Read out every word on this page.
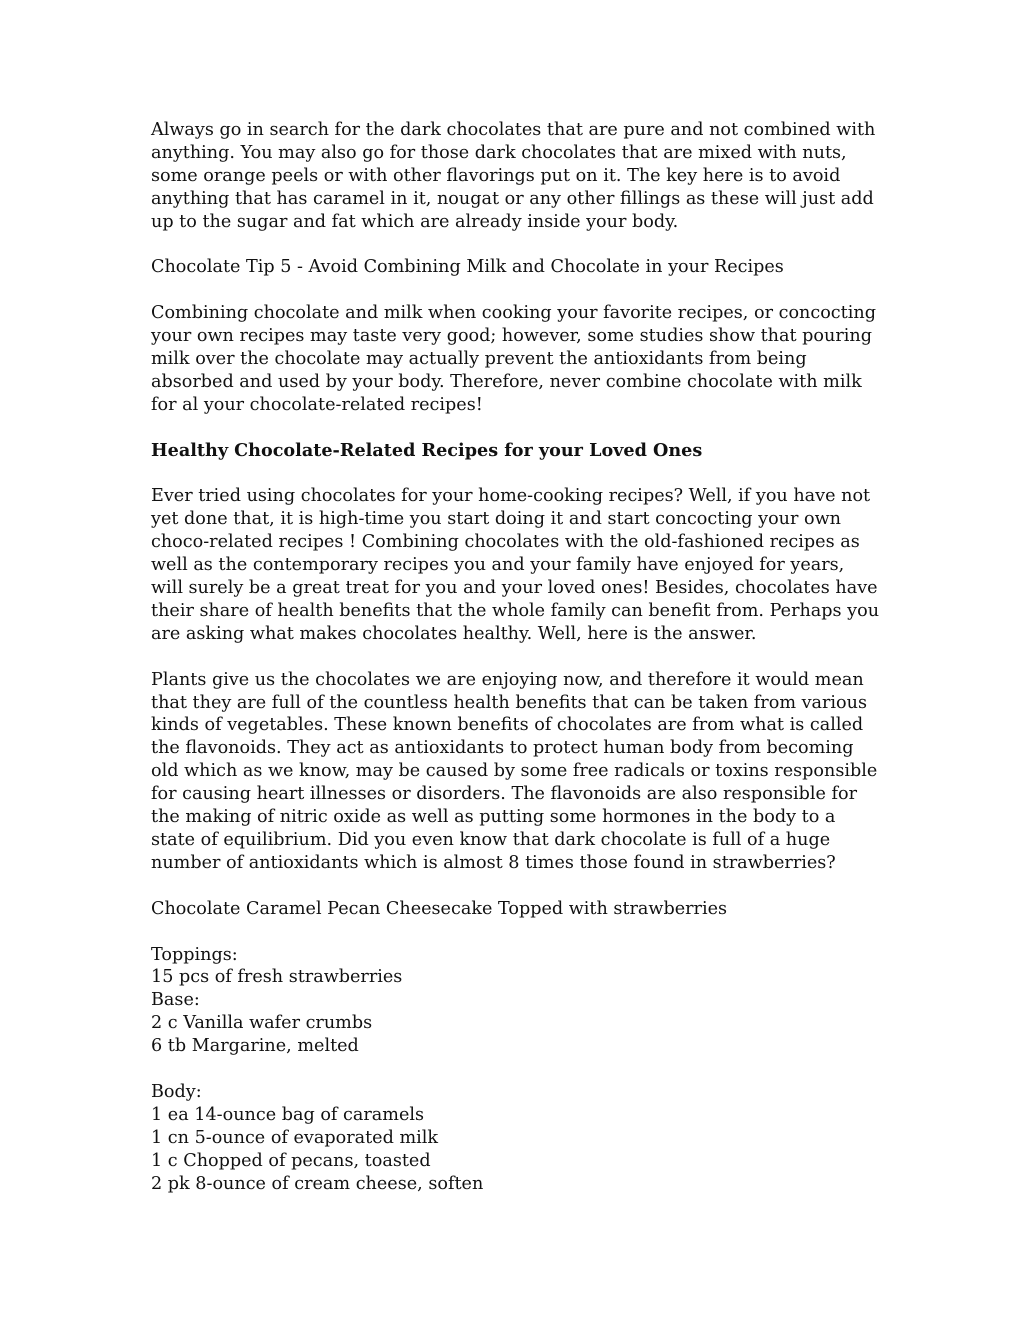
Always go in search for the dark chocolates that are pure and not combined with anything. You may also go for those dark chocolates that are mixed with nuts, some orange peels or with other flavorings put on it. The key here is to avoid anything that has caramel in it, nougat or any other fillings as these will just add up to the sugar and fat which are already inside your body.

Chocolate Tip 5 - Avoid Combining Milk and Chocolate in your Recipes

Combining chocolate and milk when cooking your favorite recipes, or concocting your own recipes may taste very good; however, some studies show that pouring milk over the chocolate may actually prevent the antioxidants from being absorbed and used by your body. Therefore, never combine chocolate with milk for al your chocolate-related recipes!

Healthy Chocolate-Related Recipes for your Loved Ones

Ever tried using chocolates for your home-cooking recipes? Well, if you have not yet done that, it is high-time you start doing it and start concocting your own choco-related recipes ! Combining chocolates with the old-fashioned recipes as well as the contemporary recipes you and your family have enjoyed for years, will surely be a great treat for you and your loved ones! Besides, chocolates have their share of health benefits that the whole family can benefit from. Perhaps you are asking what makes chocolates healthy. Well, here is the answer.

Plants give us the chocolates we are enjoying now, and therefore it would mean that they are full of the countless health benefits that can be taken from various kinds of vegetables. These known benefits of chocolates are from what is called the flavonoids. They act as antioxidants to protect human body from becoming old which as we know, may be caused by some free radicals or toxins responsible for causing heart illnesses or disorders. The flavonoids are also responsible for the making of nitric oxide as well as putting some hormones in the body to a state of equilibrium. Did you even know that dark chocolate is full of a huge number of antioxidants which is almost 8 times those found in strawberries?

Chocolate Caramel Pecan Cheesecake Topped with strawberries

Toppings:
15 pcs of fresh strawberries
Base:
2 c Vanilla wafer crumbs
6 tb Margarine, melted
Body:
1 ea 14-ounce bag of caramels
1 cn 5-ounce of evaporated milk
1 c Chopped of pecans, toasted
2 pk 8-ounce of cream cheese, soften
